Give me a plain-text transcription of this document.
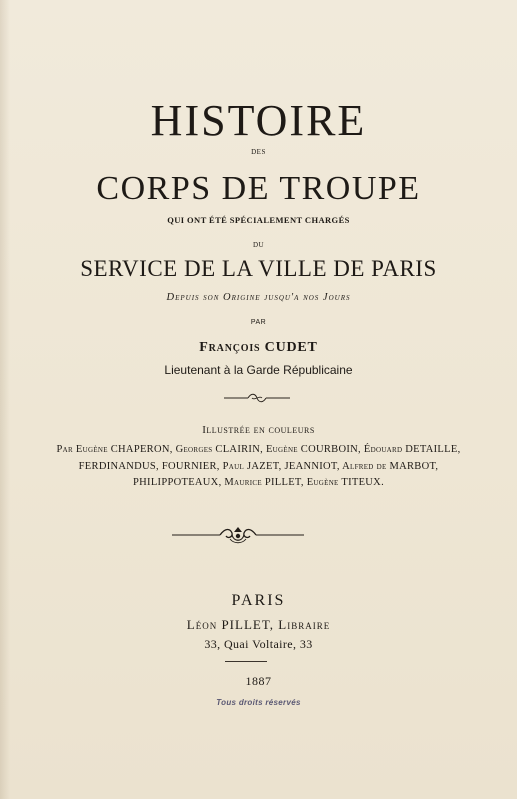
HISTOIRE
DES
CORPS DE TROUPE
QUI ONT ÉTÉ SPÉCIALEMENT CHARGÉS
DU
SERVICE DE LA VILLE DE PARIS
Depuis son Origine jusqu'a nos Jours
PAR
François CUDET
Lieutenant à la Garde Républicaine
Illustrée en couleurs
Par Eugène CHAPERON, Georges CLAIRIN, Eugène COURBOIN, Édouard DETAILLE,
FERDINANDUS, FOURNIER, Paul JAZET, JEANNIOT, Alfred de MARBOT,
PHILIPPOTEAUX, Maurice PILLET, Eugène TITEUX.
PARIS
Léon PILLET, Libraire
33, Quai Voltaire, 33
1887
Tous droits réservés
